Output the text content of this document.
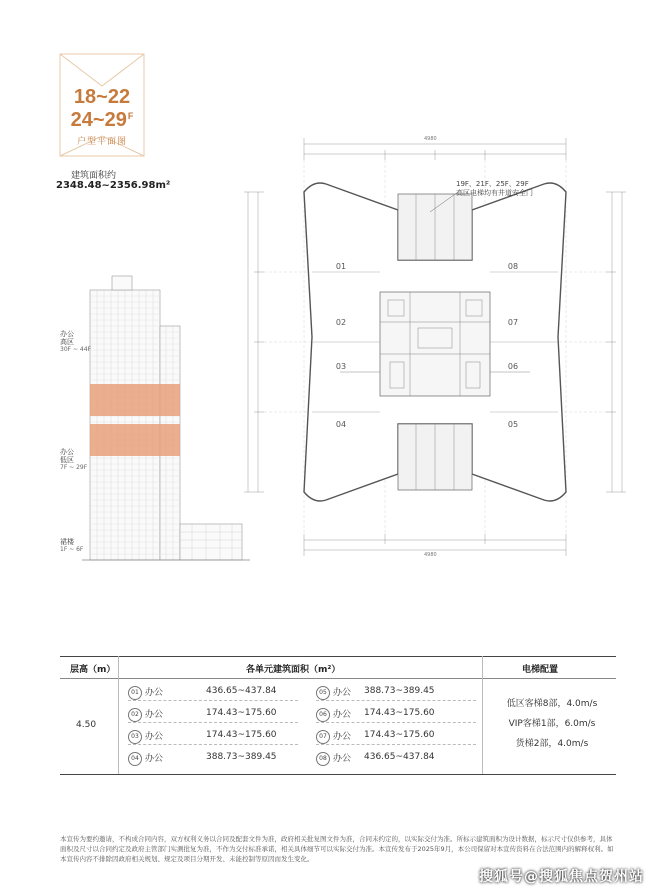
18~22
$24\sim 29^F$
户型平面图
建筑面积约
2348.48~2356.98m²
办公
高区
30F ~ 44F
办公
低区
7F ~ 29F
裙楼
1F ~ 6F
19F、21F、25F、29F
高区电梯均有井道安全门
01
02
03
04	05
06
07
08
4980
4980
层高（m）	各单元建筑面积（m²）	电梯配置
4.50
01 办公	436.65~437.84
02 办公	174.43~175.60
03 办公	174.43~175.60
04 办公	388.73~389.45
05 办公 388.73~389.45
06 办公 174.43~175.60
07 办公 174.43~175.60
08 办公 436.65~437.84
低区客梯8部，4.0m/s
VIP客梯1部，6.0m/s
货梯2部，4.0m/s
本宣传为要约邀请，不构成合同内容，双方权利义务以合同及配套文件为准，政府相关批复图文件为准，合同未约定的，以实际交付为准。所标示建筑面积为设计数据，标示尺寸仅供参考，具体面积及尺寸以合同约定及政府主管部门实测批复为准，不作为交付标准承诺，相关具体细节可以实际交付为准。本宣传发布于2025年9月，本公司保留对本宣传资料在合法范围内的解释权利。如本宣传内容不排除因政府相关规划、规定及项目分期开发、未能控制等原因而发生变化。
搜狐号@搜狐焦点贺州站
